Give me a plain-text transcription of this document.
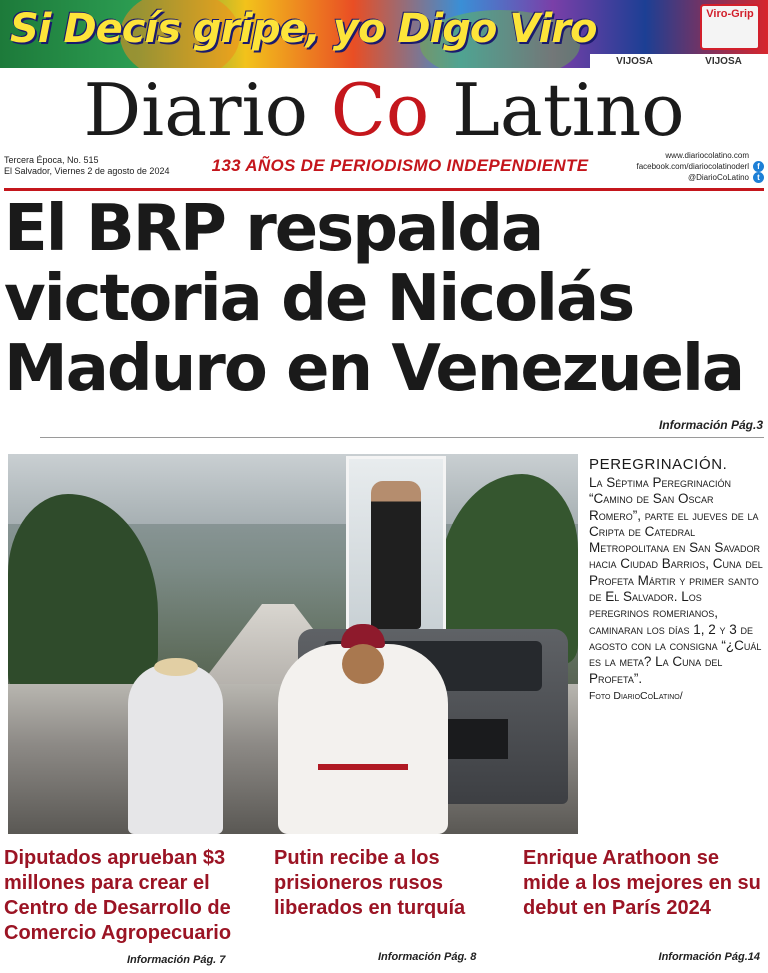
Si Decís gripe, yo Digo Viro	Viro-Grip
VIJOSA	VIJOSA
Diario Co Latino
Tercera Época, No. 515
El Salvador, Viernes 2 de agosto de 2024	133 AÑOS DE PERIODISMO INDEPENDIENTE
www.diariocolatino.com
facebook.com/diariocolatinoderl	f
@DiarioCoLatino	t
El BRP respalda
victoria de Nicolás
Maduro en Venezuela
Información Pág.3
PEREGRINACIÓN.
La Séptima Peregrinación “Camino de San Oscar Romero”, parte el jueves de la Cripta de Catedral Metropolitana en San Savador hacia Ciudad Barrios, Cuna del Profeta Mártir y primer santo de El Salvador. Los peregrinos romerianos, caminaran los días 1, 2 y 3 de agosto con la consigna “¿Cuál es la meta? La Cuna del Profeta”.
Foto DiarioCoLatino/
Diputados aprueban $3 millones para crear el Centro de Desarrollo de Comercio Agropecuario
Putin recibe a los prisioneros rusos liberados en turquía
Enrique Arathoon se mide a los mejores en su debut en París 2024
Información Pág. 7	Información Pág. 8	Información Pág.14
